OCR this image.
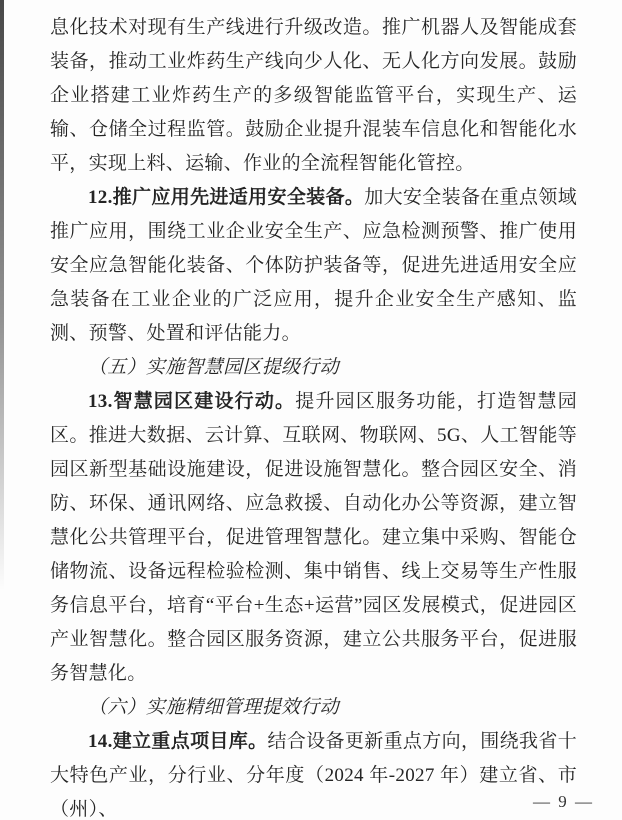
息化技术对现有生产线进行升级改造。推广机器人及智能成套装备，推动工业炸药生产线向少人化、无人化方向发展。鼓励企业搭建工业炸药生产的多级智能监管平台，实现生产、运输、仓储全过程监管。鼓励企业提升混装车信息化和智能化水平，实现上料、运输、作业的全流程智能化管控。

12.推广应用先进适用安全装备。加大安全装备在重点领域推广应用，围绕工业企业安全生产、应急检测预警、推广使用安全应急智能化装备、个体防护装备等，促进先进适用安全应急装备在工业企业的广泛应用，提升企业安全生产感知、监测、预警、处置和评估能力。

（五）实施智慧园区提级行动

13.智慧园区建设行动。提升园区服务功能，打造智慧园区。推进大数据、云计算、互联网、物联网、5G、人工智能等园区新型基础设施建设，促进设施智慧化。整合园区安全、消防、环保、通讯网络、应急救援、自动化办公等资源，建立智慧化公共管理平台，促进管理智慧化。建立集中采购、智能仓储物流、设备远程检验检测、集中销售、线上交易等生产性服务信息平台，培育“平台+生态+运营”园区发展模式，促进园区产业智慧化。整合园区服务资源，建立公共服务平台，促进服务智慧化。

（六）实施精细管理提效行动

14.建立重点项目库。结合设备更新重点方向，围绕我省十大特色产业，分行业、分年度（2024 年-2027 年）建立省、市（州）、	— 9 —
